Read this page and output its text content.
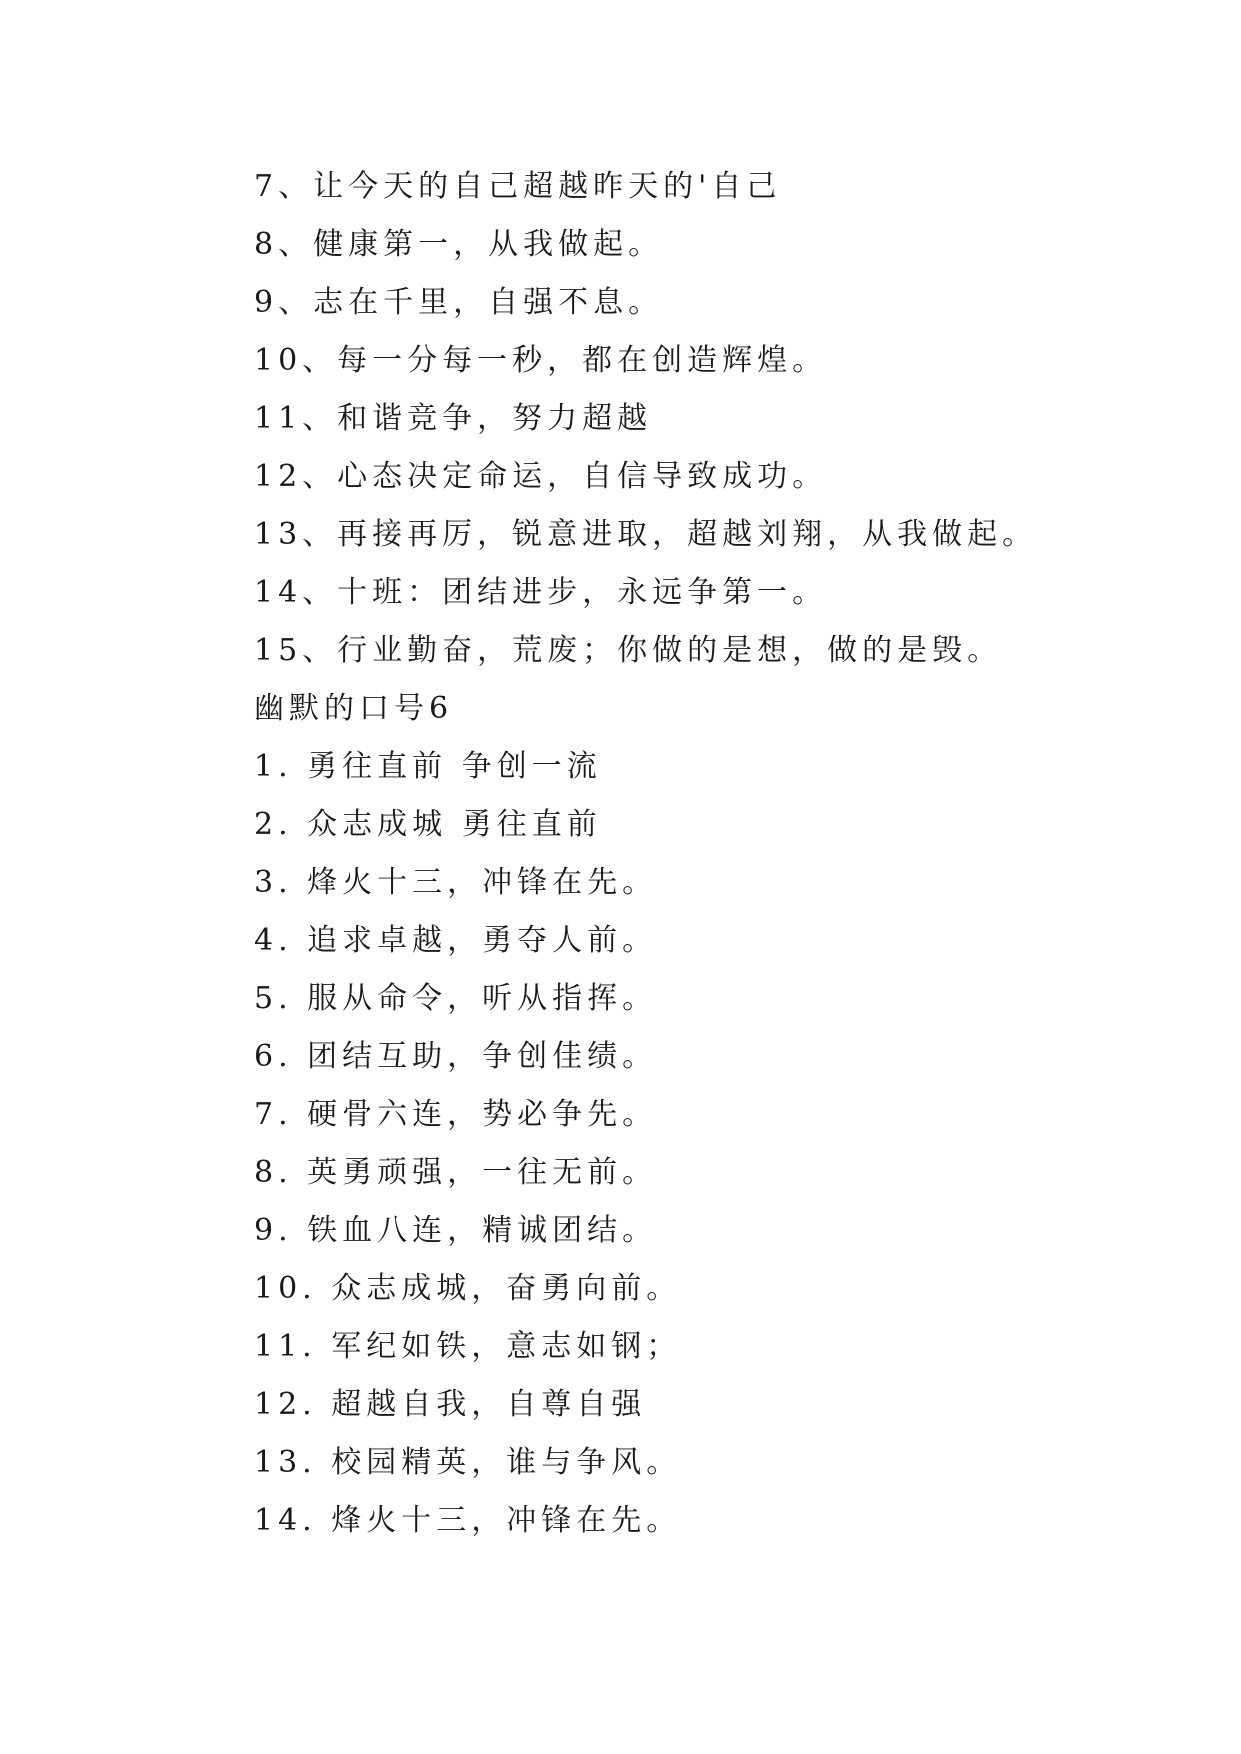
7、让今天的自己超越昨天的'自己
8、健康第一，从我做起。
9、志在千里，自强不息。
10、每一分每一秒，都在创造辉煌。
11、和谐竞争，努力超越
12、心态决定命运，自信导致成功。
13、再接再厉，锐意进取，超越刘翔，从我做起。
14、十班：团结进步，永远争第一。
15、行业勤奋，荒废；你做的是想，做的是毁。
幽默的口号6
1. 勇往直前 争创一流
2. 众志成城 勇往直前
3. 烽火十三，冲锋在先。
4. 追求卓越，勇夺人前。
5. 服从命令，听从指挥。
6. 团结互助，争创佳绩。
7. 硬骨六连，势必争先。
8. 英勇顽强，一往无前。
9. 铁血八连，精诚团结。
10. 众志成城，奋勇向前。
11. 军纪如铁，意志如钢；
12. 超越自我，自尊自强
13. 校园精英，谁与争风。
14. 烽火十三，冲锋在先。
